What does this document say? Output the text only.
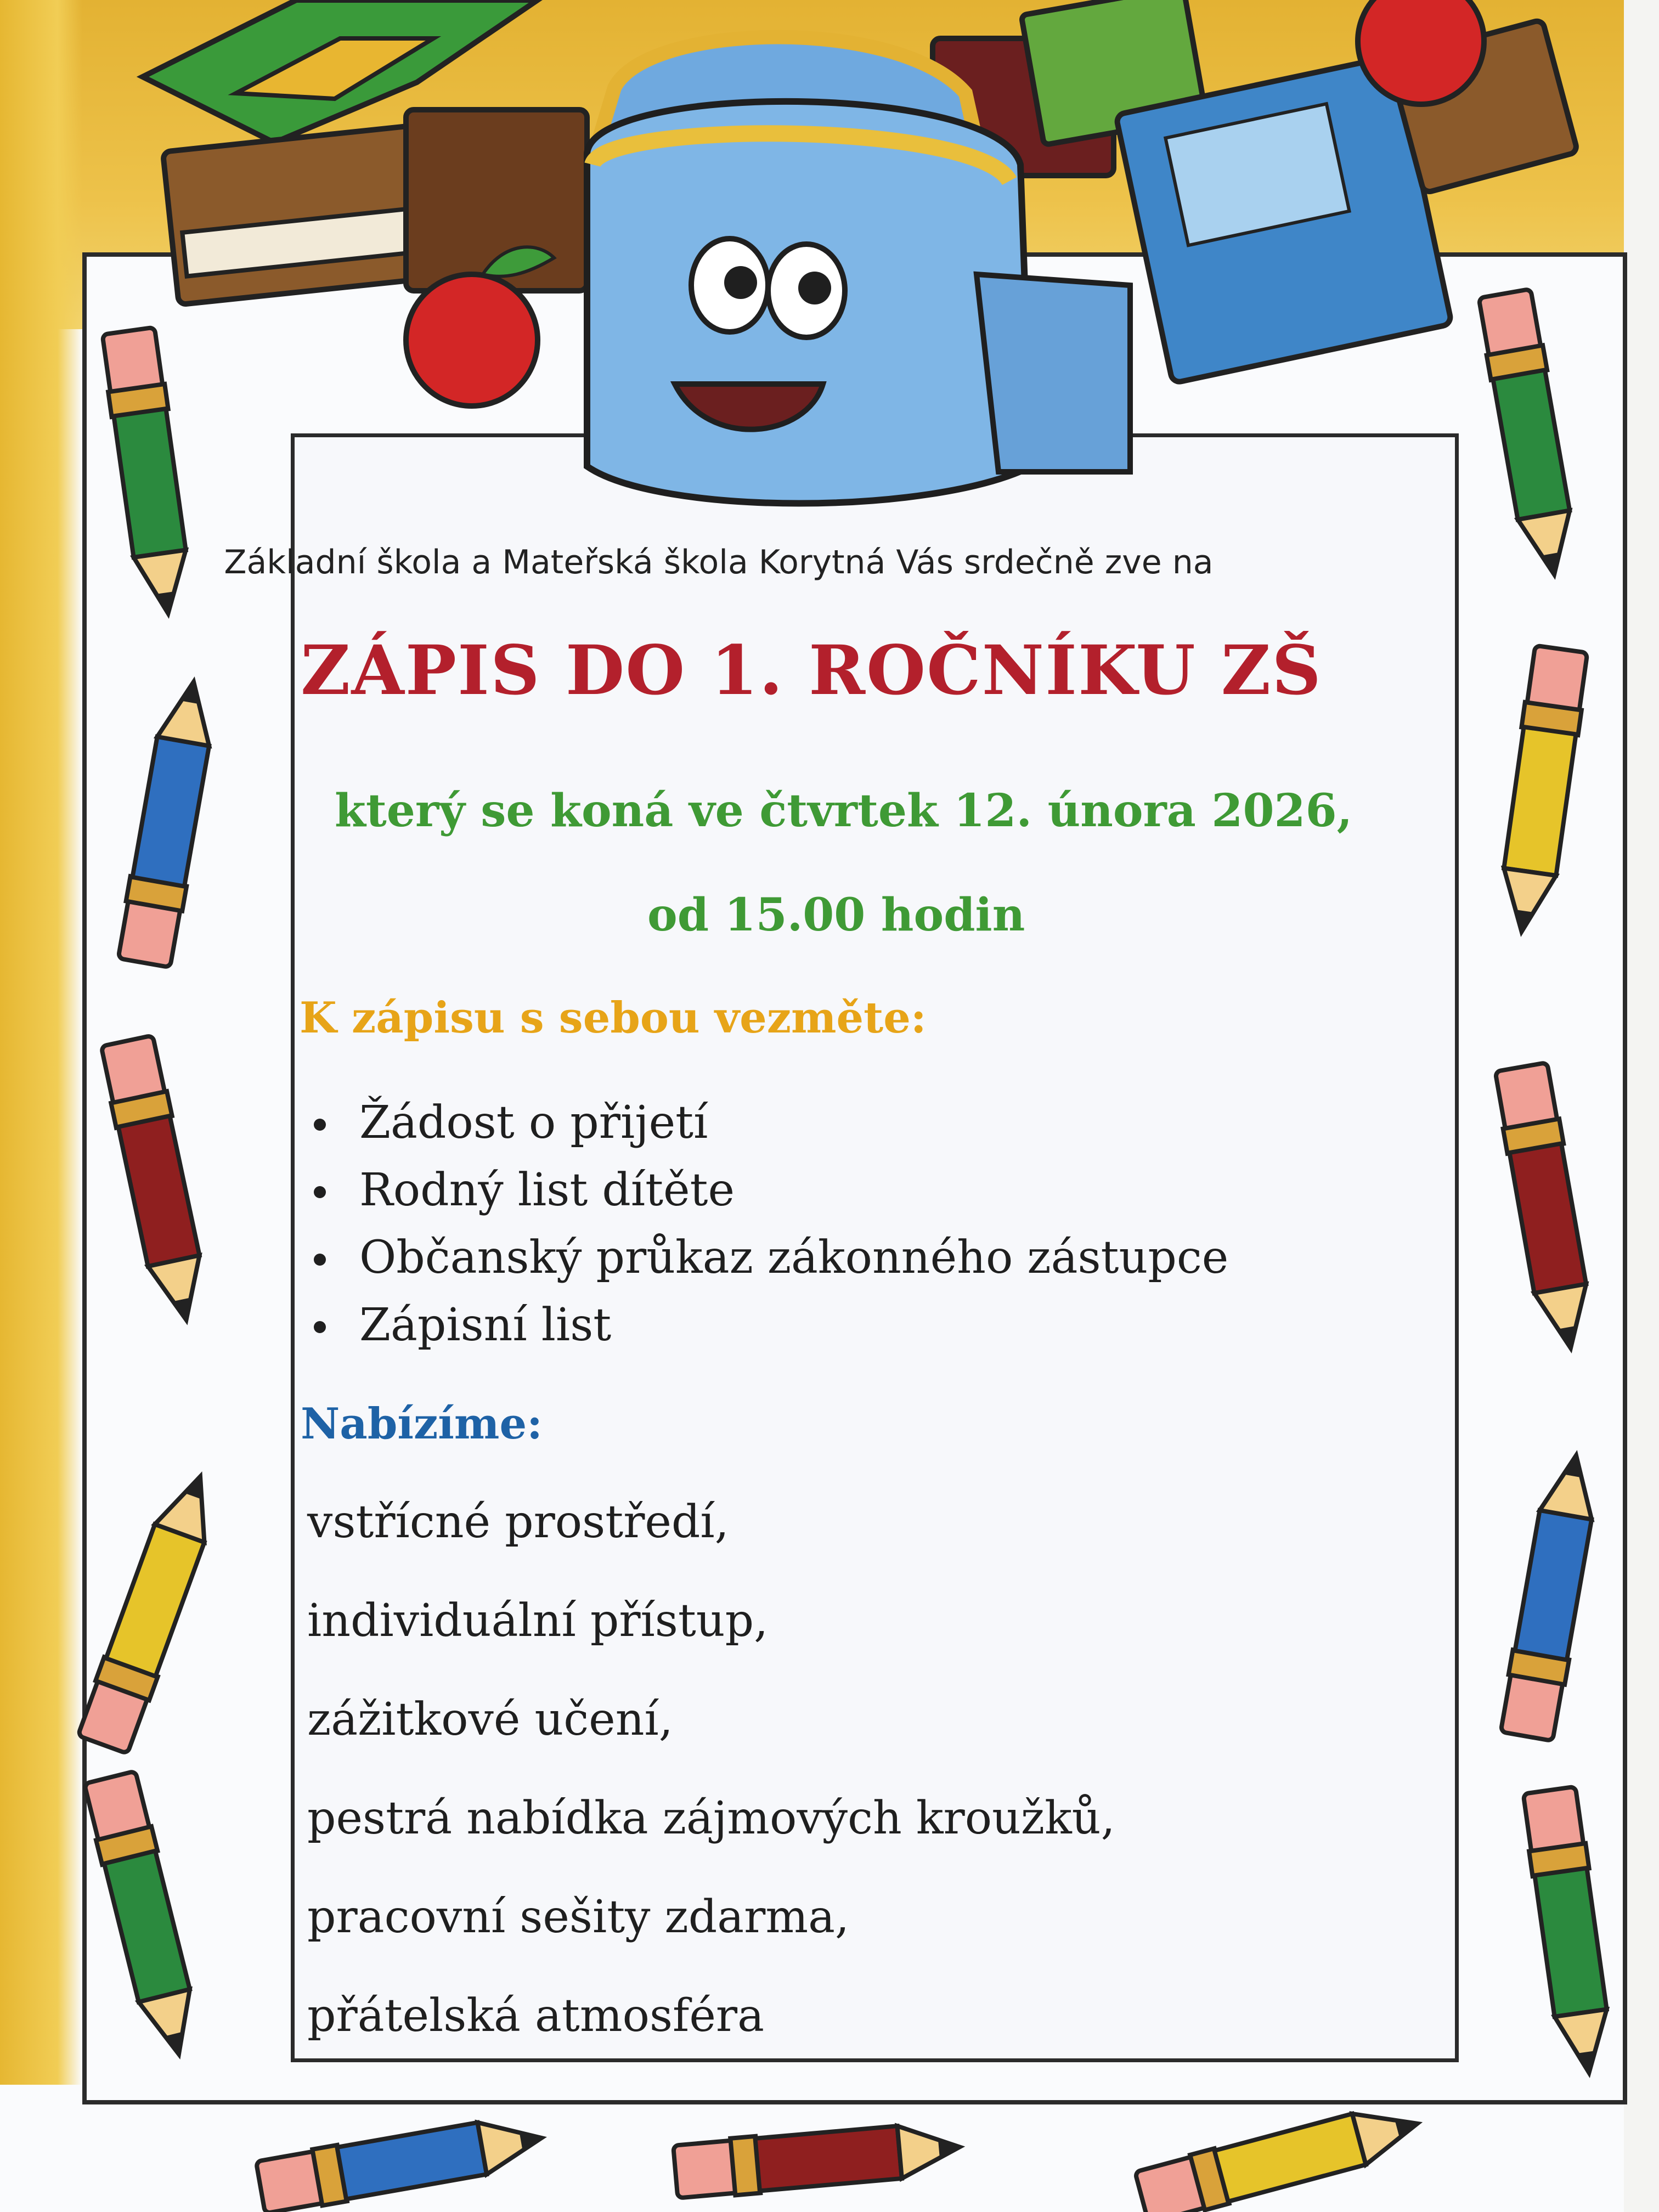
Základní škola a Mateřská škola Korytná Vás srdečně zve na
ZÁPIS DO 1. ROČNÍKU ZŠ
který se koná ve čtvrtek 12. února 2026,
od 15.00 hodin
K zápisu s sebou vezměte:
Žádost o přijetí
Rodný list dítěte
Občanský průkaz zákonného zástupce
Zápisní list
Nabízíme:
vstřícné prostředí,
individuální přístup,
zážitkové učení,
pestrá nabídka zájmových kroužků,
pracovní sešity zdarma,
přátelská atmosféra
